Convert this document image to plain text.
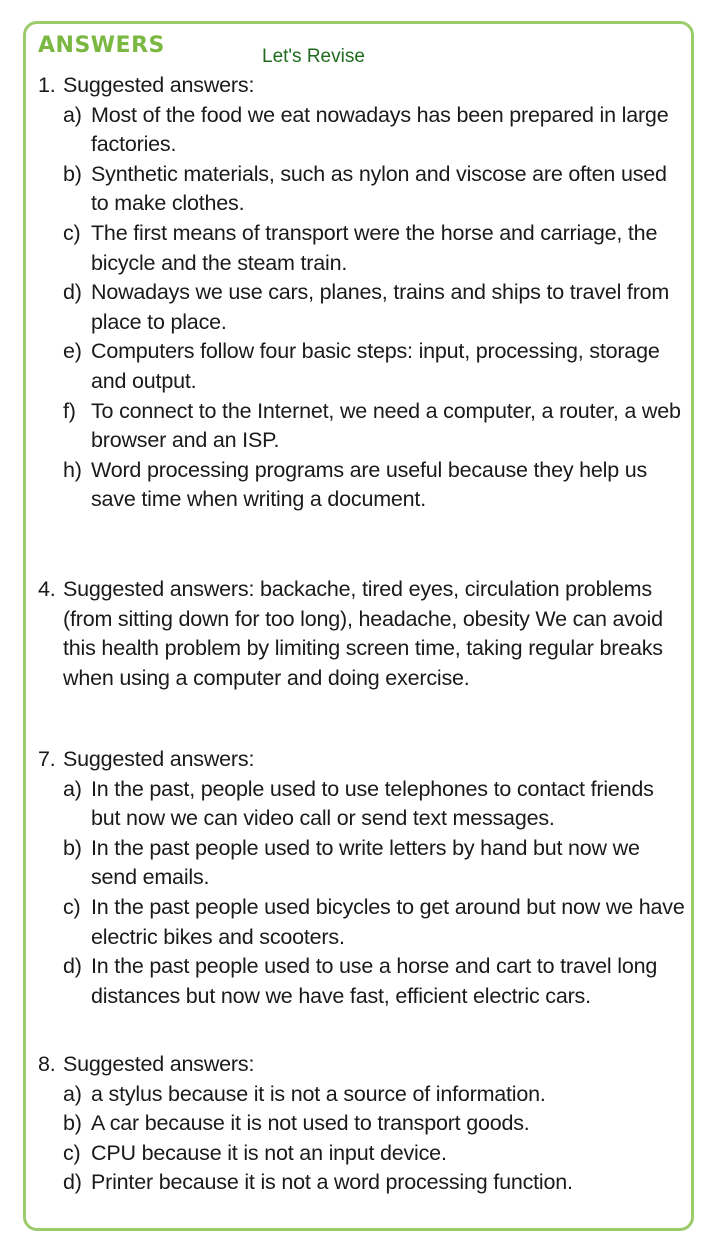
ANSWERS	Let's Revise
1. Suggested answers:
a) Most of the food we eat nowadays has been prepared in large factories.
b) Synthetic materials, such as nylon and viscose are often used to make clothes.
c) The first means of transport were the horse and carriage, the bicycle and the steam train.
d) Nowadays we use cars, planes, trains and ships to travel from place to place.
e) Computers follow four basic steps: input, processing, storage and output.
f) To connect to the Internet, we need a computer, a router, a web browser and an ISP.
h) Word processing programs are useful because they help us save time when writing a document.
4. Suggested answers: backache, tired eyes, circulation problems (from sitting down for too long), headache, obesity We can avoid this health problem by limiting screen time, taking regular breaks when using a computer and doing exercise.
7. Suggested answers:
a) In the past, people used to use telephones to contact friends but now we can video call or send text messages.
b) In the past people used to write letters by hand but now we send emails.
c) In the past people used bicycles to get around but now we have electric bikes and scooters.
d) In the past people used to use a horse and cart to travel long distances but now we have fast, efficient electric cars.
8. Suggested answers:
a) a stylus because it is not a source of information.
b) A car because it is not used to transport goods.
c) CPU because it is not an input device.
d) Printer because it is not a word processing function.
